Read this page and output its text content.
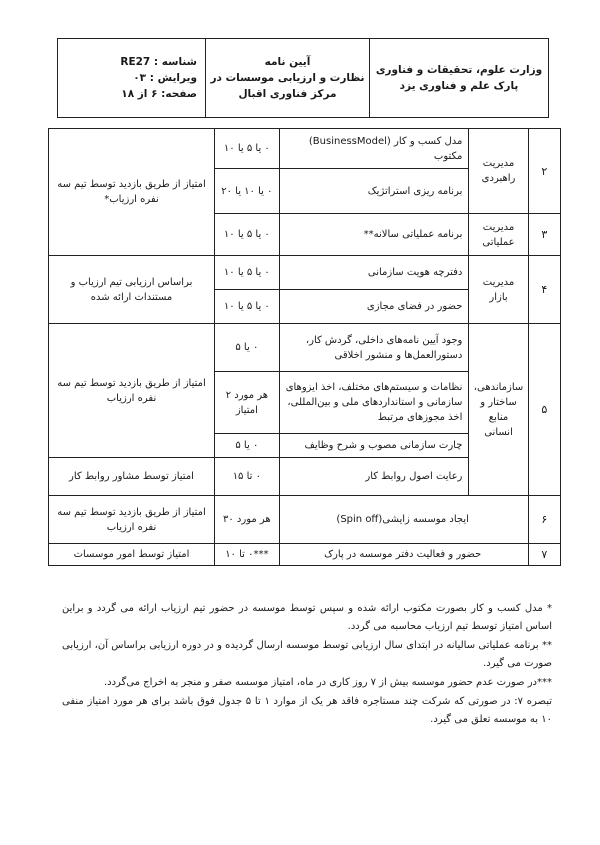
وزارت علوم، تحقیقات و فناوری
پارک علم و فناوری یزد

آیین نامه
نظارت و ارزیابی موسسات در
مرکز فناوری اقبال

شناسه : RE27
ویرایش : ۰۳
صفحه: ۶ از ۱۸
۲	مدیریت راهبردی	مدل کسب و کار (BusinessModel) مکتوب	۰ یا ۵ یا ۱۰	امتیاز از طریق بازدید توسط تیم سه نفره ارزیاب*
		برنامه ریزی استراتژیک	۰ یا ۱۰ یا ۲۰	
۳	مدیریت عملیاتی	برنامه عملیاتی سالانه**	۰ یا ۵ یا ۱۰	
۴	مدیریت بازار	دفترچه هویت سازمانی	۰ یا ۵ یا ۱۰	براساس ارزیابی تیم ارزیاب و مستندات ارائه شده
		حضور در فضای مجازی	۰ یا ۵ یا ۱۰	
۵	سازماندهی، ساختار و منابع انسانی	وجود آیین نامه‌های داخلی، گردش کار، دستورالعمل‌ها و منشور اخلاقی	۰ یا ۵	امتیاز از طریق بازدید توسط تیم سه نفره ارزیاب
		نظامات و سیستم‌های مختلف، اخذ ایزوهای سازمانی و استانداردهای ملی و بین‌المللی، اخذ مجوزهای مرتبط	هر مورد ۲ امتیاز	
		چارت سازمانی مصوب و شرح وظایف	۰ یا ۵	
		رعایت اصول روابط کار	۰ تا ۱۵	امتیاز توسط مشاور روابط کار
۶	ایجاد موسسه زایشی(Spin off)		هر مورد ۳۰	امتیاز از طریق بازدید توسط تیم سه نفره ارزیاب
۷	حضور و فعالیت دفتر موسسه در پارک		***۰ تا ۱۰	امتیاز توسط امور موسسات

* مدل کسب و کار بصورت مکتوب ارائه شده و سپس توسط موسسه در حضور تیم ارزیاب ارائه می گردد و براین اساس امتیاز توسط تیم ارزیاب محاسبه می گردد.

** برنامه عملیاتی سالیانه در ابتدای سال ارزیابی توسط موسسه ارسال گردیده و در دوره ارزیابی براساس آن، ارزیابی صورت می گیرد.

***در صورت عدم حضور موسسه بیش از ۷ روز کاری در ماه، امتیاز موسسه صفر و منجر به اخراج می‌گردد.

تبصره ۷: در صورتی که شرکت چند مستاجره فاقد هر یک از موارد ۱ تا ۵ جدول فوق باشد برای هر مورد امتیاز منفی ۱۰ به موسسه تعلق می گیرد.
